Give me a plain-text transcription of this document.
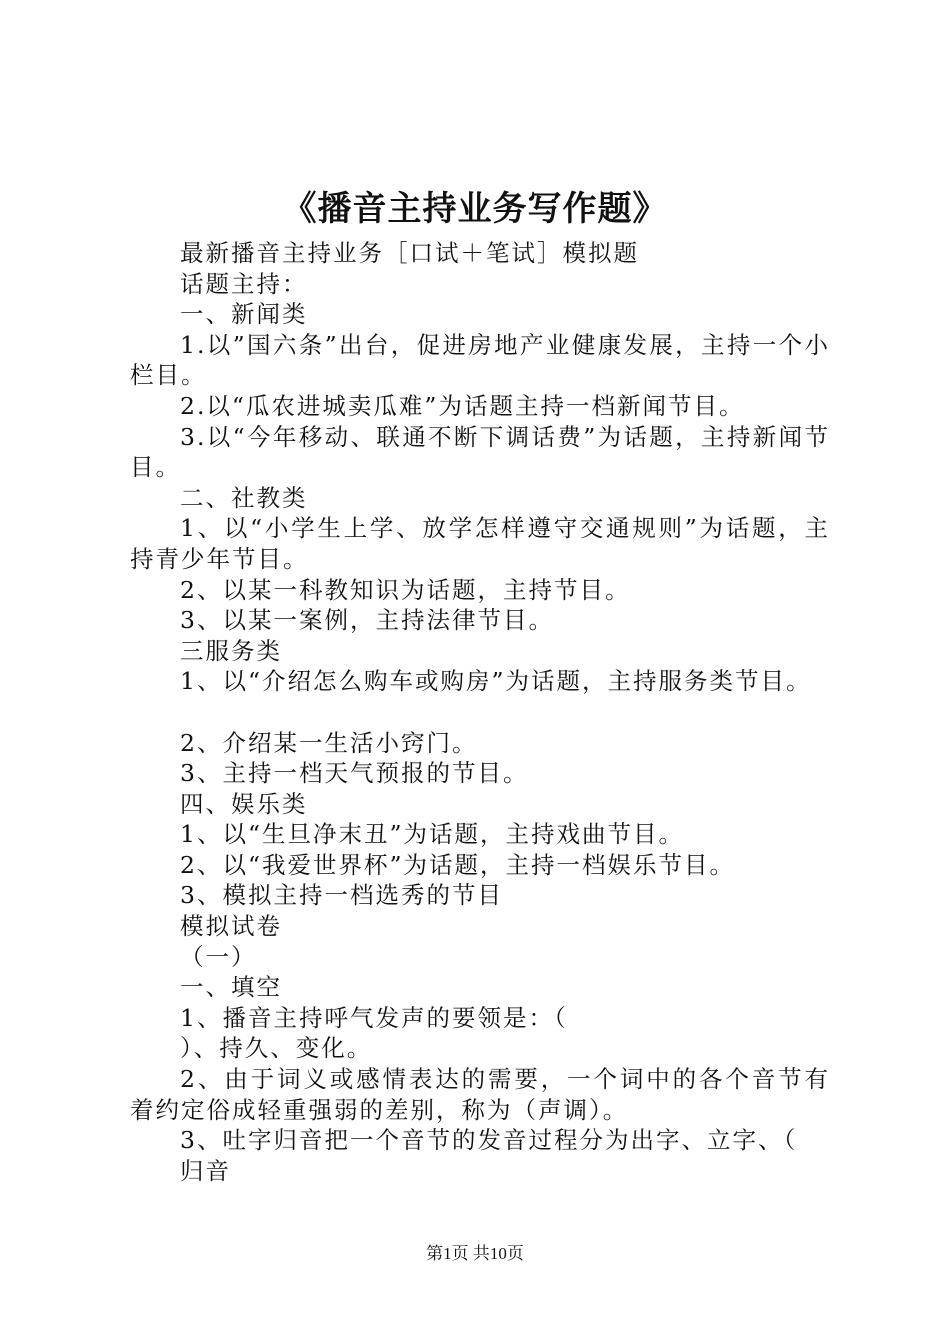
《播音主持业务写作题》

最新播音主持业务［口试＋笔试］模拟题

话题主持：

一、新闻类

1.以”国六条”出台，促进房地产业健康发展，主持一个小栏目。

2.以“瓜农进城卖瓜难”为话题主持一档新闻节目。

3.以“今年移动、联通不断下调话费”为话题，主持新闻节目。

二、社教类

1、以“小学生上学、放学怎样遵守交通规则”为话题，主持青少年节目。

2、以某一科教知识为话题，主持节目。

3、以某一案例，主持法律节目。

三服务类

1、以“介绍怎么购车或购房”为话题，主持服务类节目。

2、介绍某一生活小窍门。

3、主持一档天气预报的节目。

四、娱乐类

1、以“生旦净末丑”为话题，主持戏曲节目。

2、以“我爱世界杯”为话题，主持一档娱乐节目。

3、模拟主持一档选秀的节目

模拟试卷

（一）

一、填空

1、播音主持呼气发声的要领是：（

）、持久、变化。

2、由于词义或感情表达的需要，一个词中的各个音节有着约定俗成轻重强弱的差别，称为（声调）。

3、吐字归音把一个音节的发音过程分为出字、立字、（

归音

第1页 共10页
